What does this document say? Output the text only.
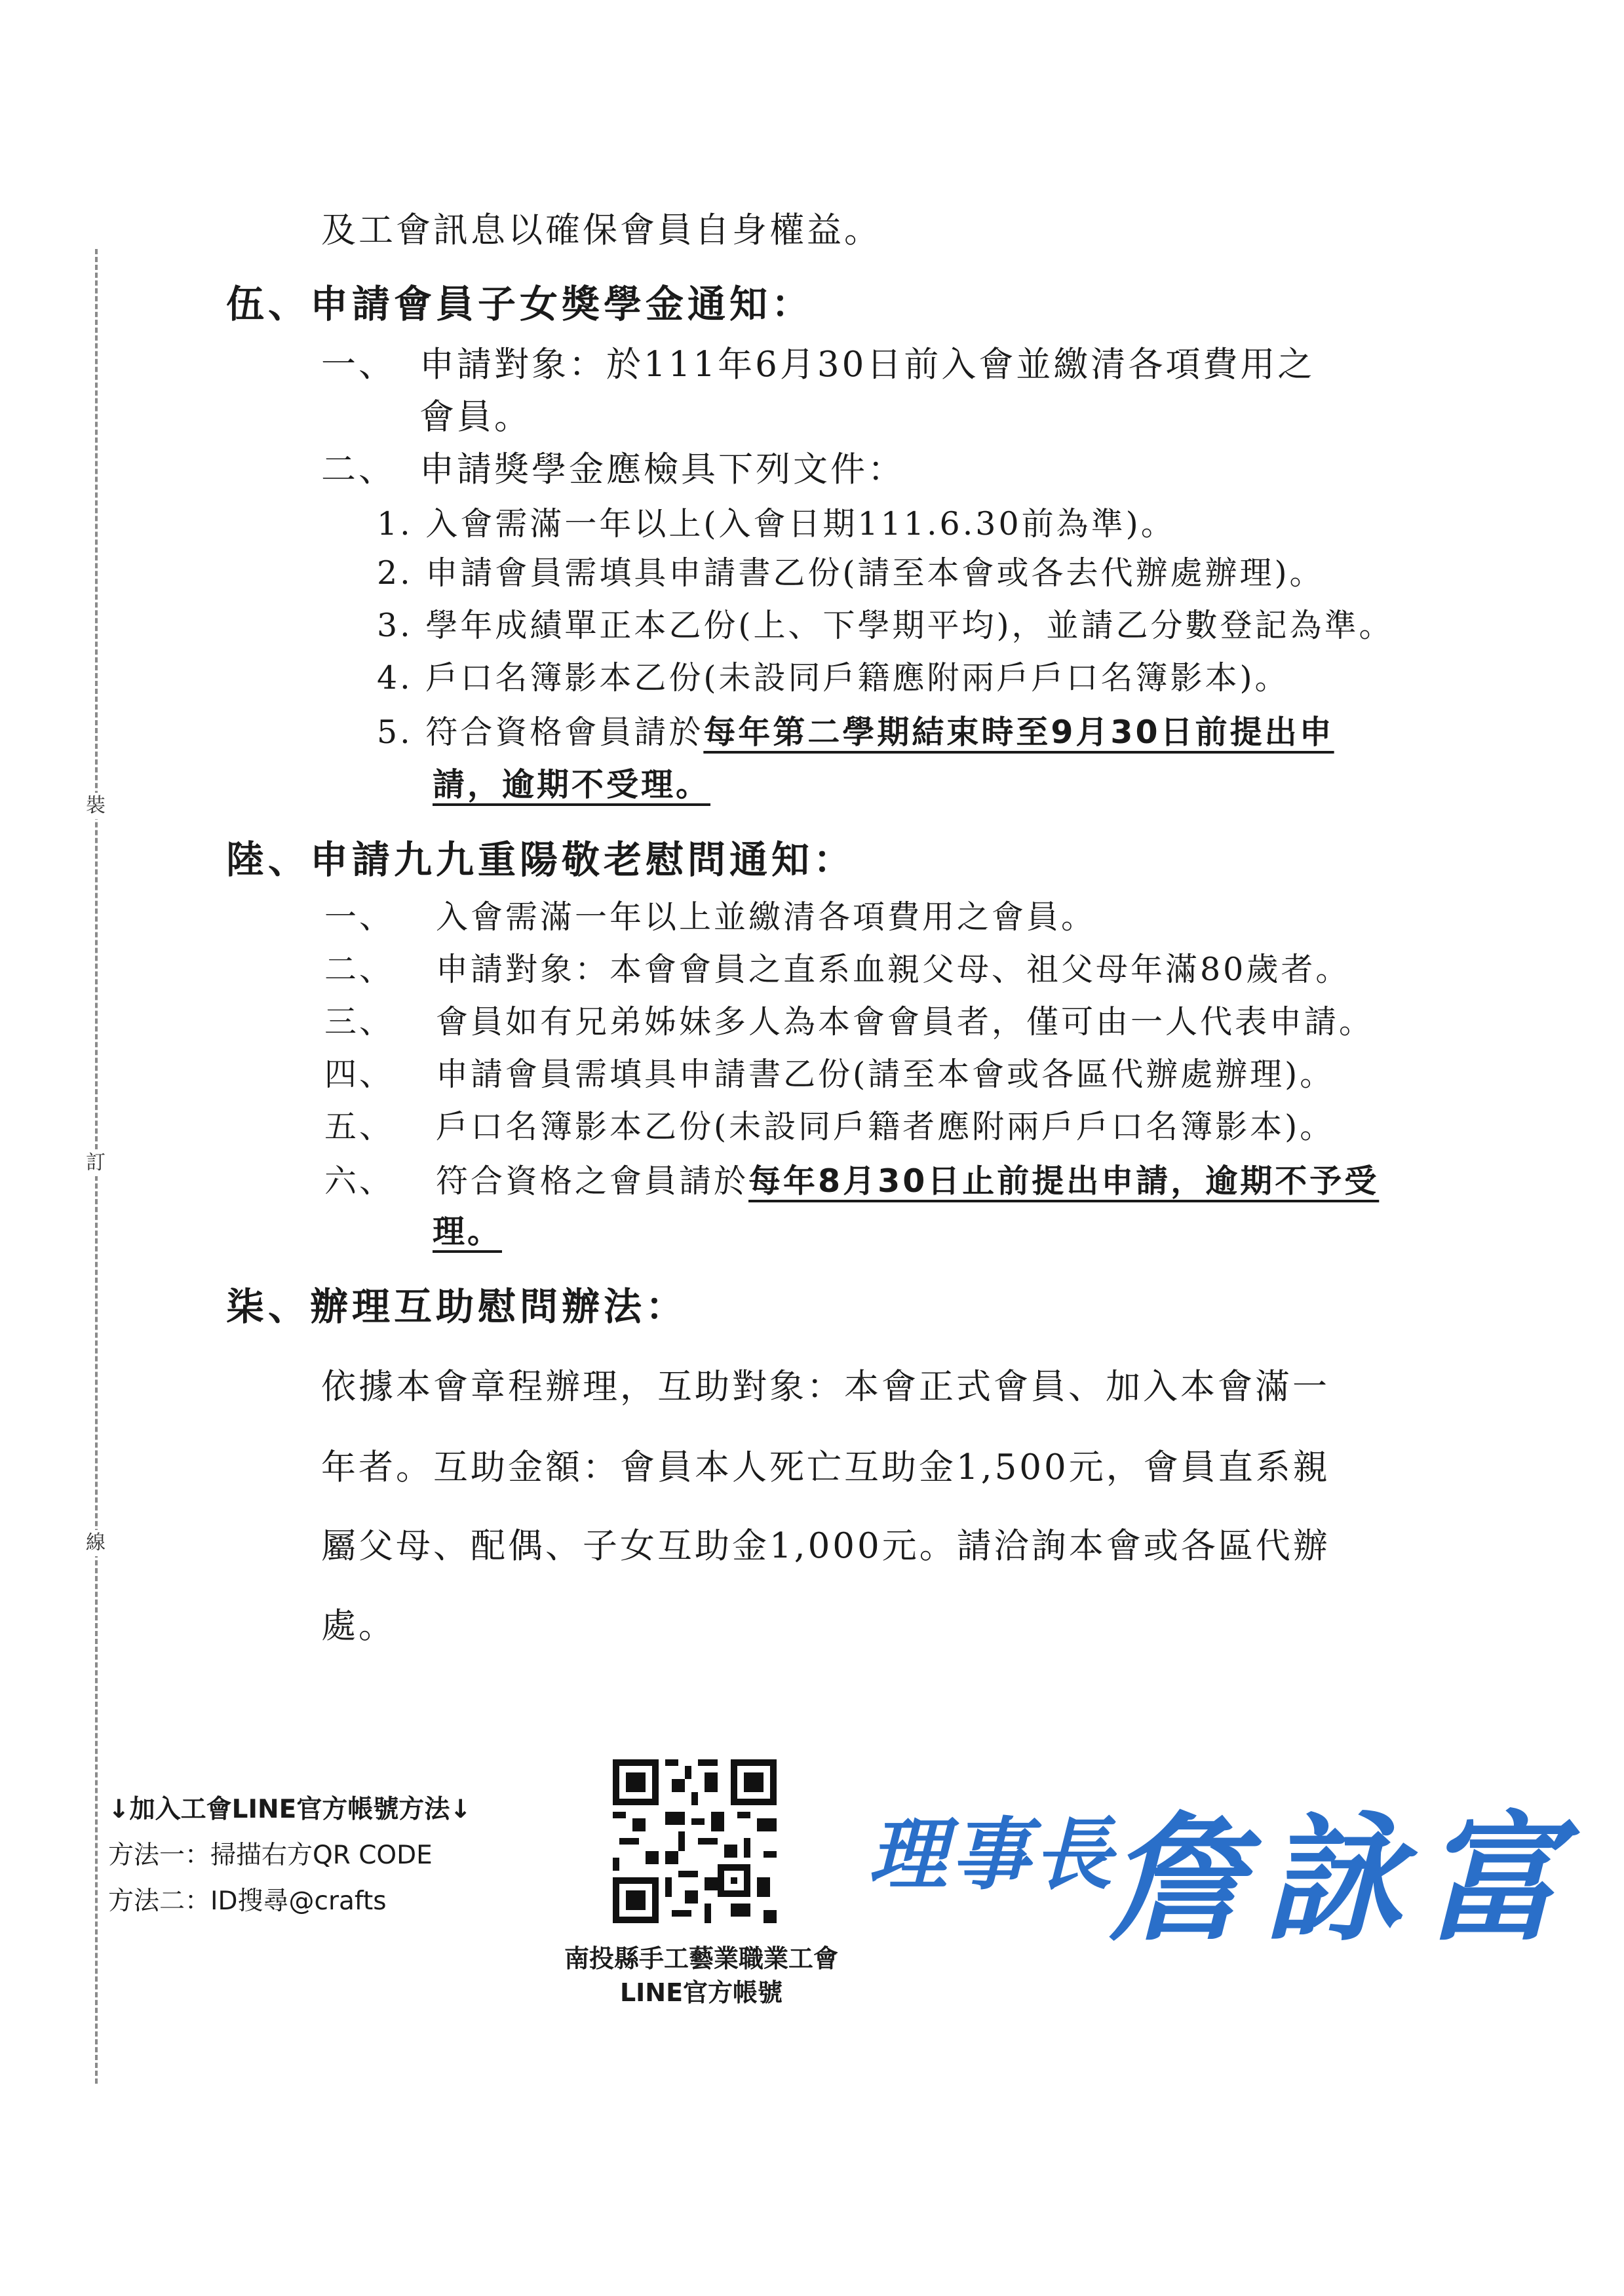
裝
訂
線
及工會訊息以確保會員自身權益。
伍、申請會員子女獎學金通知：
一、 申請對象：於111年6月30日前入會並繳清各項費用之
會員。
二、 申請獎學金應檢具下列文件：
1. 入會需滿一年以上(入會日期111.6.30前為準)。
2. 申請會員需填具申請書乙份(請至本會或各去代辦處辦理)。
3. 學年成績單正本乙份(上、下學期平均)，並請乙分數登記為準。
4. 戶口名簿影本乙份(未設同戶籍應附兩戶戶口名簿影本)。
5. 符合資格會員請於每年第二學期結束時至9月30日前提出申
請，逾期不受理。
陸、申請九九重陽敬老慰問通知：
一、 入會需滿一年以上並繳清各項費用之會員。
二、 申請對象：本會會員之直系血親父母、祖父母年滿80歲者。
三、 會員如有兄弟姊妹多人為本會會員者，僅可由一人代表申請。
四、 申請會員需填具申請書乙份(請至本會或各區代辦處辦理)。
五、 戶口名簿影本乙份(未設同戶籍者應附兩戶戶口名簿影本)。
六、 符合資格之會員請於每年8月30日止前提出申請，逾期不予受
理。
柒、辦理互助慰問辦法：
依據本會章程辦理，互助對象：本會正式會員、加入本會滿一
年者。互助金額：會員本人死亡互助金1,500元，會員直系親
屬父母、配偶、子女互助金1,000元。請洽詢本會或各區代辦
處。
↓加入工會LINE官方帳號方法↓
方法一：掃描右方QR CODE
方法二：ID搜尋@crafts
南投縣手工藝業職業工會
LINE官方帳號
理事長
詹詠富
